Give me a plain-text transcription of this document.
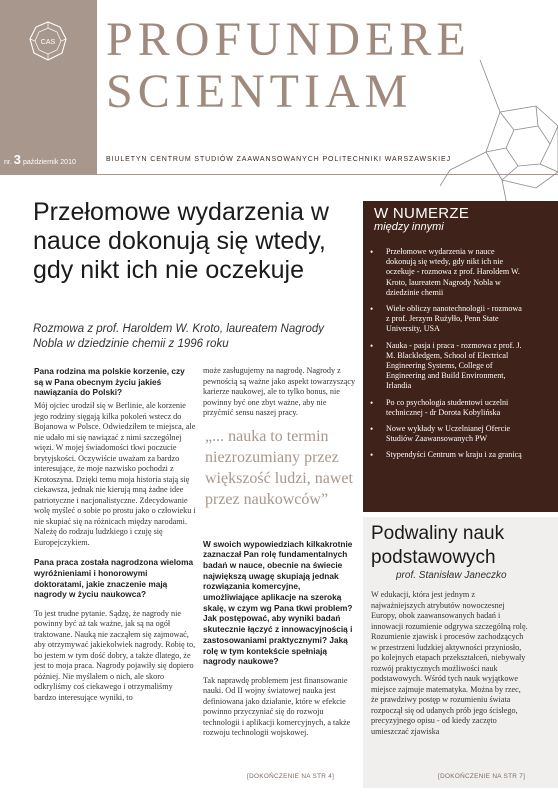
CAS
nr. 3 październik 2010
PROFUNDERE
SCIENTIAM
BIULETYN CENTRUM STUDIÓW ZAAWANSOWANYCH POLITECHNIKI WARSZAWSKIEJ
Przełomowe wydarzenia w nauce dokonują się wtedy, gdy nikt ich nie oczekuje
Rozmowa z prof. Haroldem W. Kroto, laureatem Nagrody Nobla w dziedzinie chemii z 1996 roku
Pana rodzina ma polskie korzenie, czy są w Pana obecnym życiu jakieś nawiązania do Polski?
Mój ojciec urodził się w Berlinie, ale korzenie jego rodziny sięgają kilka pokoleń wstecz do Bojanowa w Polsce. Odwiedziłem te miejsca, ale nie udało mi się nawiązać z nimi szczególnej więzi. W mojej świadomości tkwi poczucie brytyjskości. Oczywiście uważam za bardzo interesujące, że moje nazwisko pochodzi z Krotoszyna. Dzięki temu moja historia stają się ciekawsza, jednak nie kierują mną żadne idee patriotyczne i nacjonalistyczne. Zdecydowanie wolę myśleć o sobie po prostu jako o człowieku i nie skupiać się na różnicach między narodami. Należę do rodzaju ludzkiego i czuję się Europejczykiem.
Pana praca została nagrodzona wieloma wyróżnieniami i honorowymi doktoratami, jakie znaczenie mają nagrody w życiu naukowca?
To jest trudne pytanie. Sądzę, że nagrody nie powinny być aż tak ważne, jak są na ogół traktowane. Nauką nie zacząłem się zajmować, aby otrzymywać jakiekolwiek nagrody. Robię to, bo jestem w tym dość dobry, a także dlatego, że jest to moja praca. Nagrody pojawiły się dopiero później. Nie myślałem o nich, ale skoro odkryliśmy coś ciekawego i otrzymaliśmy bardzo interesujące wyniki, to
może zasługujemy na nagrodę. Nagrody z pewnością są ważne jako aspekt towarzyszący karierze naukowej, ale to tylko bonus, nie powinny być one zbyt ważne, aby nie przyćmić sensu naszej pracy.
W swoich wypowiedziach kilkakrotnie zaznaczał Pan rolę fundamentalnych badań w nauce, obecnie na świecie największą uwagę skupiają jednak rozwiązania komercyjne, umożliwiające aplikacje na szeroką skalę, w czym wg Pana tkwi problem? Jak postępować, aby wyniki badań skutecznie łączyć z innowacyjnością i zastosowaniami praktycznymi? Jaką rolę w tym kontekście spełniają nagrody naukowe?
Tak naprawdę problemem jest finansowanie nauki. Od II wojny światowej nauka jest definiowana jako działanie, które w efekcie powinno przyczyniać się do rozwoju technologii i aplikacji komercyjnych, a także rozwoju technologii wojskowej.
„... nauka to termin niezrozumiany przez większość ludzi, nawet przez naukowców”
[DOKOŃCZENIE NA STR 4]
W NUMERZE
między innymi
• Przełomowe wydarzenia w nauce dokonują się wtedy, gdy nikt ich nie oczekuje - rozmowa z prof. Haroldem W. Kroto, laureatem Nagrody Nobla w dziedzinie chemii
• Wiele obliczy nanotechnologii - rozmowa z prof. Jerzym Rużyłło, Penn State University, USA
• Nauka - pasja i praca - rozmowa z prof. J. M. Blackledgem, School of Electrical Engineering Systems, College of Engineering and Build Environment, Irlandia
• Po co psychologia studentowi uczelni technicznej - dr Dorota Kobylińska
• Nowe wykłady w Uczelnianej Ofercie Studiów Zaawansowanych PW
• Stypendyści Centrum w kraju i za granicą
Podwaliny nauk podstawowych
prof. Stanisław Janeczko
W edukacji, która jest jednym z najważniejszych atrybutów nowoczesnej Europy, obok zaawansowanych badań i innowacji rozumienie odgrywa szczególną rolę. Rozumienie zjawisk i procesów zachodzących w przestrzeni ludzkiej aktywności przyniosło, po kolejnych etapach przekształceń, niebywały rozwój praktycznych możliwości nauk podstawowych. Wśród tych nauk wyjątkowe miejsce zajmuje matematyka. Można by rzec, że prawdziwy postęp w rozumieniu świata rozpoczął się od udanych prób jego ścisłego, precyzyjnego opisu - od kiedy zaczęto umieszczać zjawiska
[DOKOŃCZENIE NA STR 7]
